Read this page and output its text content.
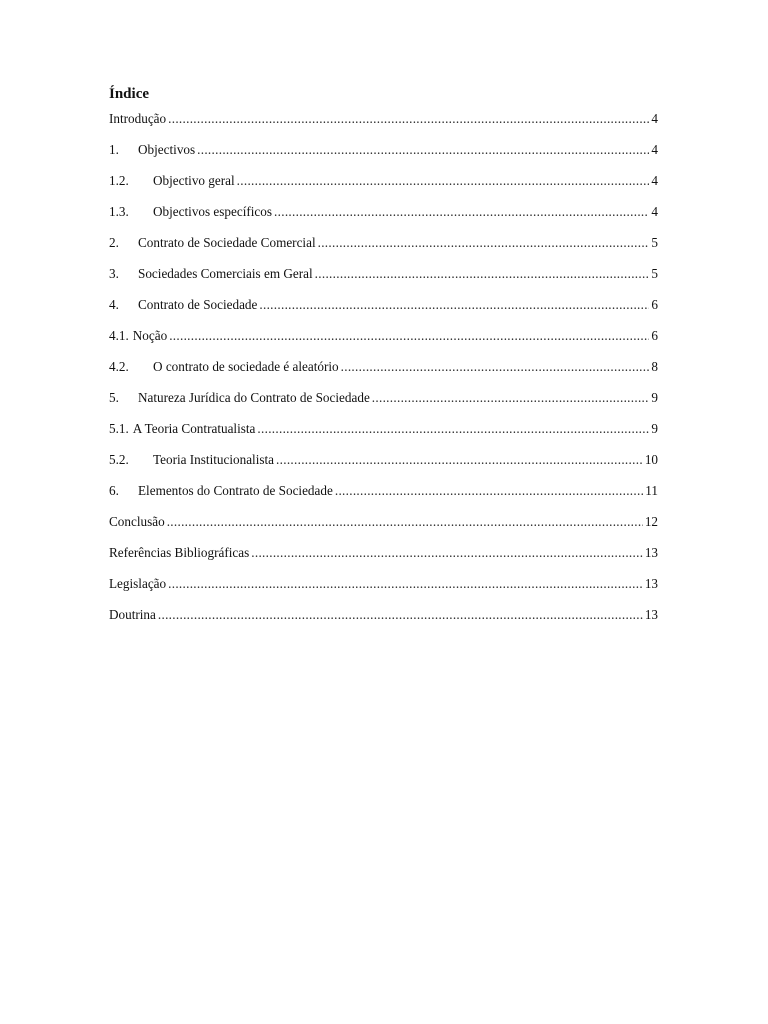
Índice
Introdução .....	4
1.	Objectivos .....	4
1.2.	Objectivo geral .....	4
1.3.	Objectivos específicos .....	4
2.	Contrato de Sociedade Comercial .....	5
3.	Sociedades Comerciais em Geral .....	5
4.	Contrato de Sociedade .....	6
4.1. Noção .....	6
4.2.	O contrato de sociedade é aleatório .....	8
5.	Natureza Jurídica do Contrato de Sociedade .....	9
5.1. A Teoria Contratualista .....	9
5.2.	Teoria Institucionalista .....	10
6.	Elementos do Contrato de Sociedade .....	11
Conclusão .....	12
Referências Bibliográficas .....	13
Legislação .....	13
Doutrina .....	13
